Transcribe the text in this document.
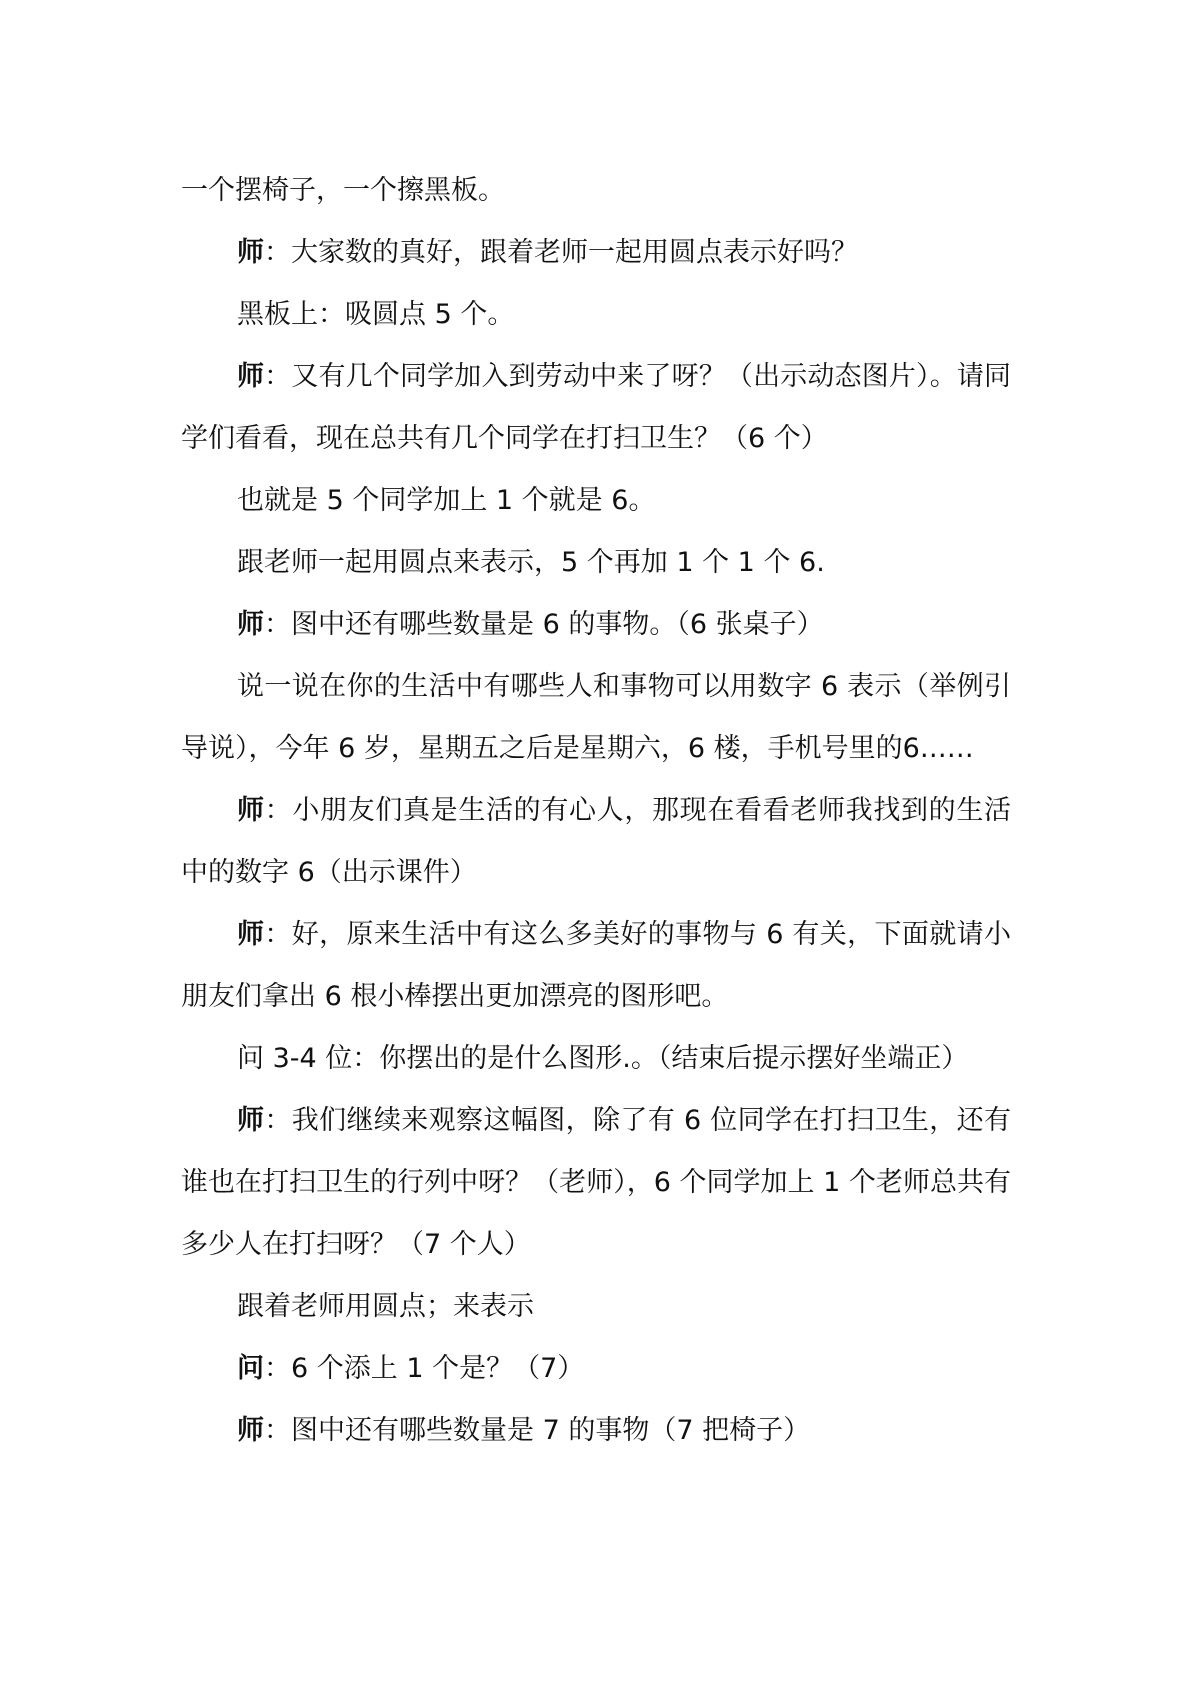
一个摆椅子，一个擦黑板。

师：大家数的真好，跟着老师一起用圆点表示好吗？

黑板上：吸圆点 5 个。

师：又有几个同学加入到劳动中来了呀？（出示动态图片）。请同学们看看，现在总共有几个同学在打扫卫生？（6 个）

也就是 5 个同学加上 1 个就是 6。

跟老师一起用圆点来表示，5 个再加 1 个 1 个 6.

师：图中还有哪些数量是 6 的事物。（6 张桌子）

说一说在你的生活中有哪些人和事物可以用数字 6 表示（举例引导说），今年 6 岁，星期五之后是星期六，6 楼，手机号里的6……

师：小朋友们真是生活的有心人，那现在看看老师我找到的生活中的数字 6（出示课件）

师：好，原来生活中有这么多美好的事物与 6 有关，下面就请小朋友们拿出 6 根小棒摆出更加漂亮的图形吧。

问 3-4 位：你摆出的是什么图形.。（结束后提示摆好坐端正）

师：我们继续来观察这幅图，除了有 6 位同学在打扫卫生，还有谁也在打扫卫生的行列中呀？（老师），6 个同学加上 1 个老师总共有多少人在打扫呀？（7 个人）

跟着老师用圆点；来表示

问：6 个添上 1 个是？（7）

师：图中还有哪些数量是 7 的事物（7 把椅子）
